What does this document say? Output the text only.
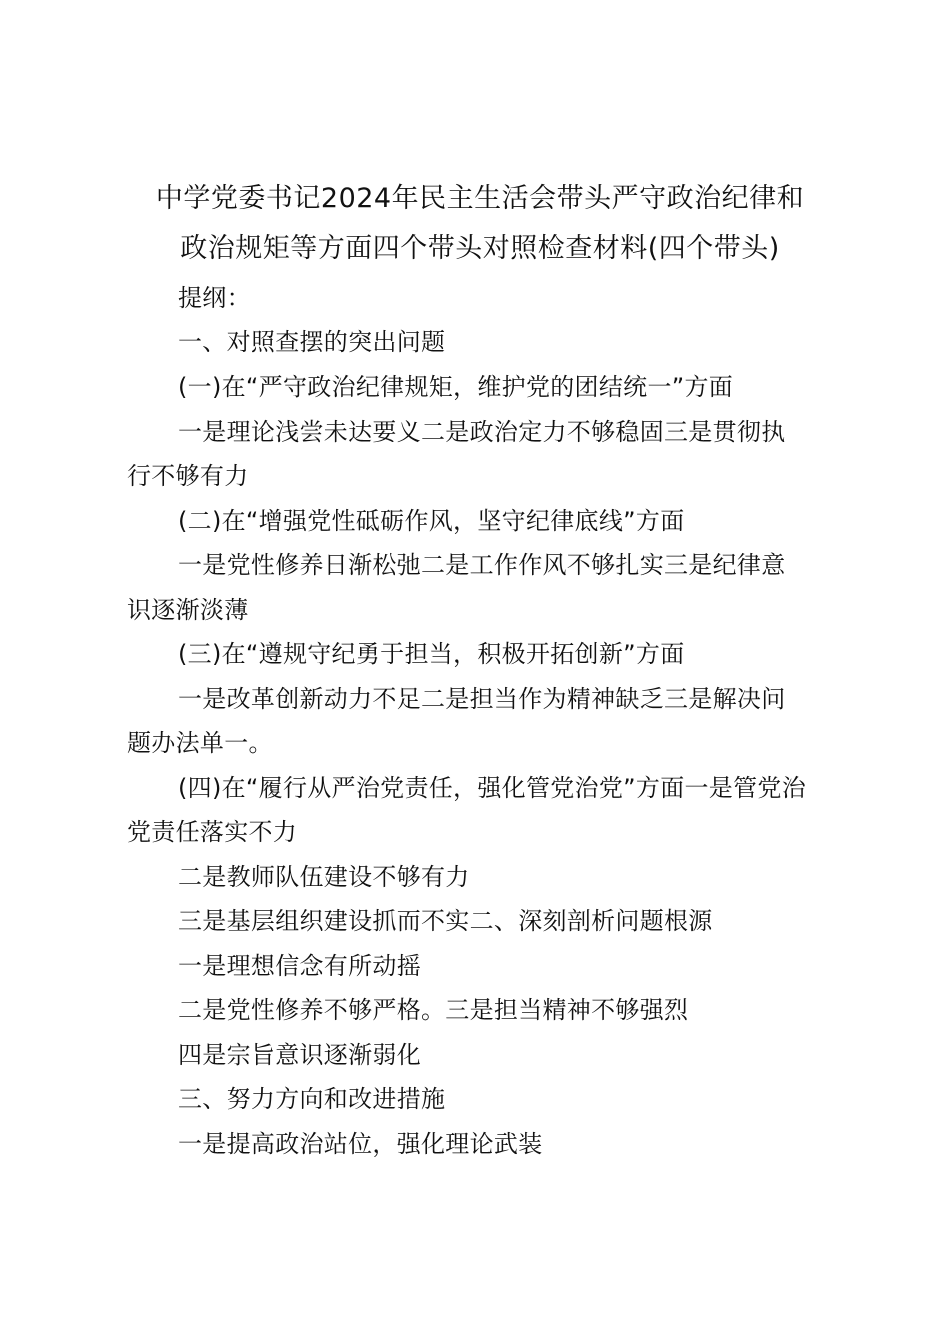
中学党委书记2024年民主生活会带头严守政治纪律和
政治规矩等方面四个带头对照检查材料(四个带头)
提纲：
一、对照查摆的突出问题
(一)在“严守政治纪律规矩，维护党的团结统一”方面
一是理论浅尝未达要义二是政治定力不够稳固三是贯彻执
行不够有力
(二)在“增强党性砥砺作风，坚守纪律底线”方面
一是党性修养日渐松弛二是工作作风不够扎实三是纪律意
识逐渐淡薄
(三)在“遵规守纪勇于担当，积极开拓创新”方面
一是改革创新动力不足二是担当作为精神缺乏三是解决问
题办法单一。
(四)在“履行从严治党责任，强化管党治党”方面一是管党治
党责任落实不力
二是教师队伍建设不够有力
三是基层组织建设抓而不实二、深刻剖析问题根源
一是理想信念有所动摇
二是党性修养不够严格。三是担当精神不够强烈
四是宗旨意识逐渐弱化
三、努力方向和改进措施
一是提高政治站位，强化理论武装
